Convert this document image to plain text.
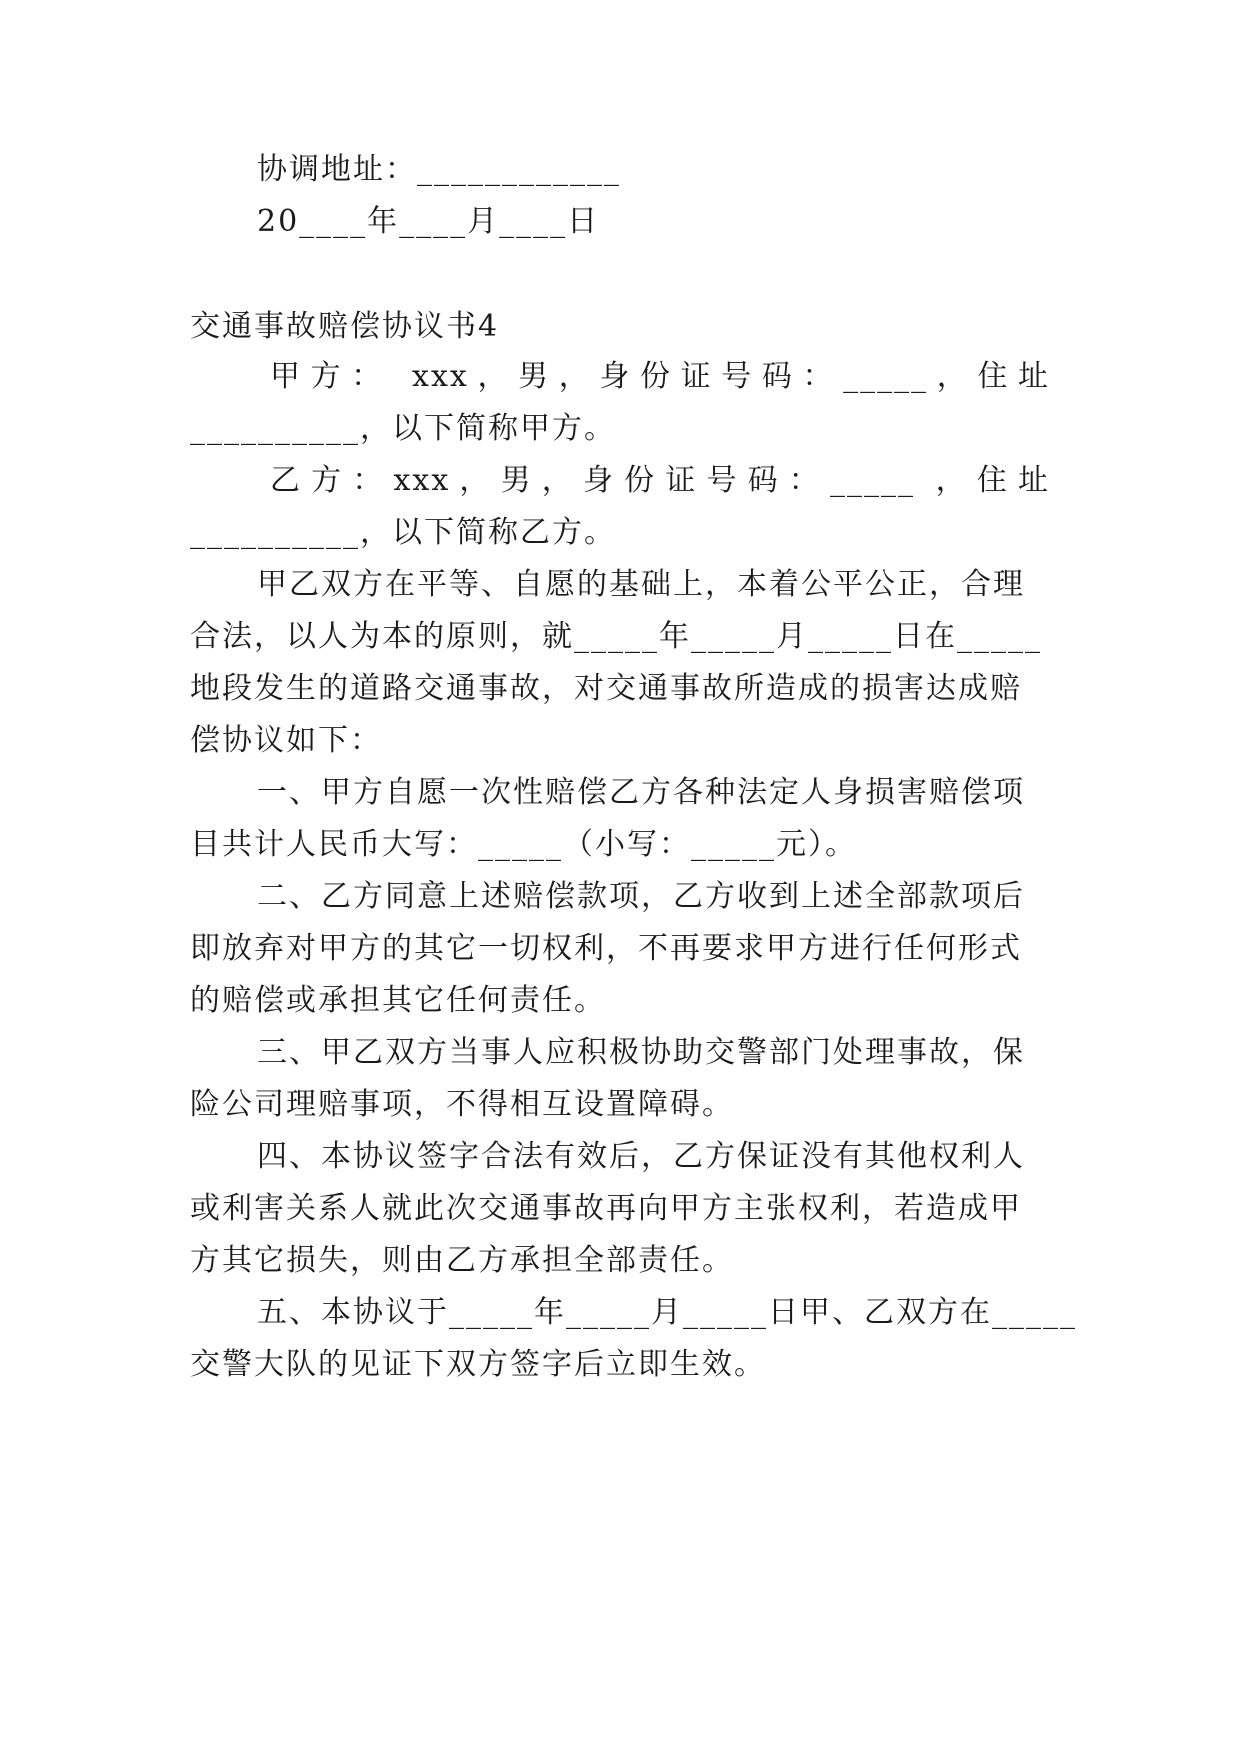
协调地址：____________
20____年____月____日
交通事故赔偿协议书4
甲方： xxx，男，身份证号码：_____，住址
__________，以下简称甲方。
乙方：xxx，男，身份证号码：_____ ，住址
__________，以下简称乙方。
甲乙双方在平等、自愿的基础上，本着公平公正，合理
合法，以人为本的原则，就_____年_____月_____日在_____
地段发生的道路交通事故，对交通事故所造成的损害达成赔
偿协议如下：
一、甲方自愿一次性赔偿乙方各种法定人身损害赔偿项
目共计人民币大写：_____（小写：_____元）。
二、乙方同意上述赔偿款项，乙方收到上述全部款项后
即放弃对甲方的其它一切权利，不再要求甲方进行任何形式
的赔偿或承担其它任何责任。
三、甲乙双方当事人应积极协助交警部门处理事故，保
险公司理赔事项，不得相互设置障碍。
四、本协议签字合法有效后，乙方保证没有其他权利人
或利害关系人就此次交通事故再向甲方主张权利，若造成甲
方其它损失，则由乙方承担全部责任。
五、本协议于_____年_____月_____日甲、乙双方在_____
交警大队的见证下双方签字后立即生效。
